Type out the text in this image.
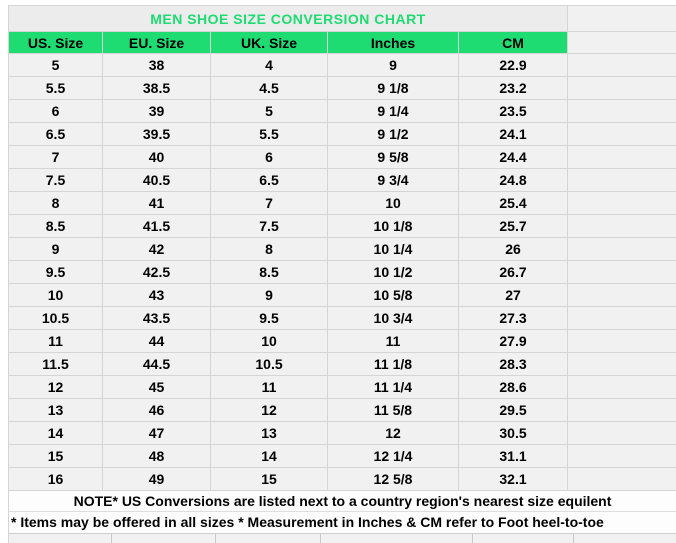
MEN SHOE SIZE CONVERSION CHART					
US. Size	EU. Size	UK. Size	Inches	CM	
5	38	4	9	22.9	
5.5	38.5	4.5	9 1/8	23.2	
6	39	5	9 1/4	23.5	
6.5	39.5	5.5	9 1/2	24.1	
7	40	6	9 5/8	24.4	
7.5	40.5	6.5	9 3/4	24.8	
8	41	7	10	25.4	
8.5	41.5	7.5	10 1/8	25.7	
9	42	8	10 1/4	26	
9.5	42.5	8.5	10 1/2	26.7	
10	43	9	10 5/8	27	
10.5	43.5	9.5	10 3/4	27.3	
11	44	10	11	27.9	
11.5	44.5	10.5	11 1/8	28.3	
12	45	11	11 1/4	28.6	
13	46	12	11 5/8	29.5	
14	47	13	12	30.5	
15	48	14	12 1/4	31.1	
16	49	15	12 5/8	32.1	
NOTE* US Conversions are listed next to a country region's nearest size equilent
* Items may be offered in all sizes * Measurement in Inches & CM refer to Foot heel-to-toe
